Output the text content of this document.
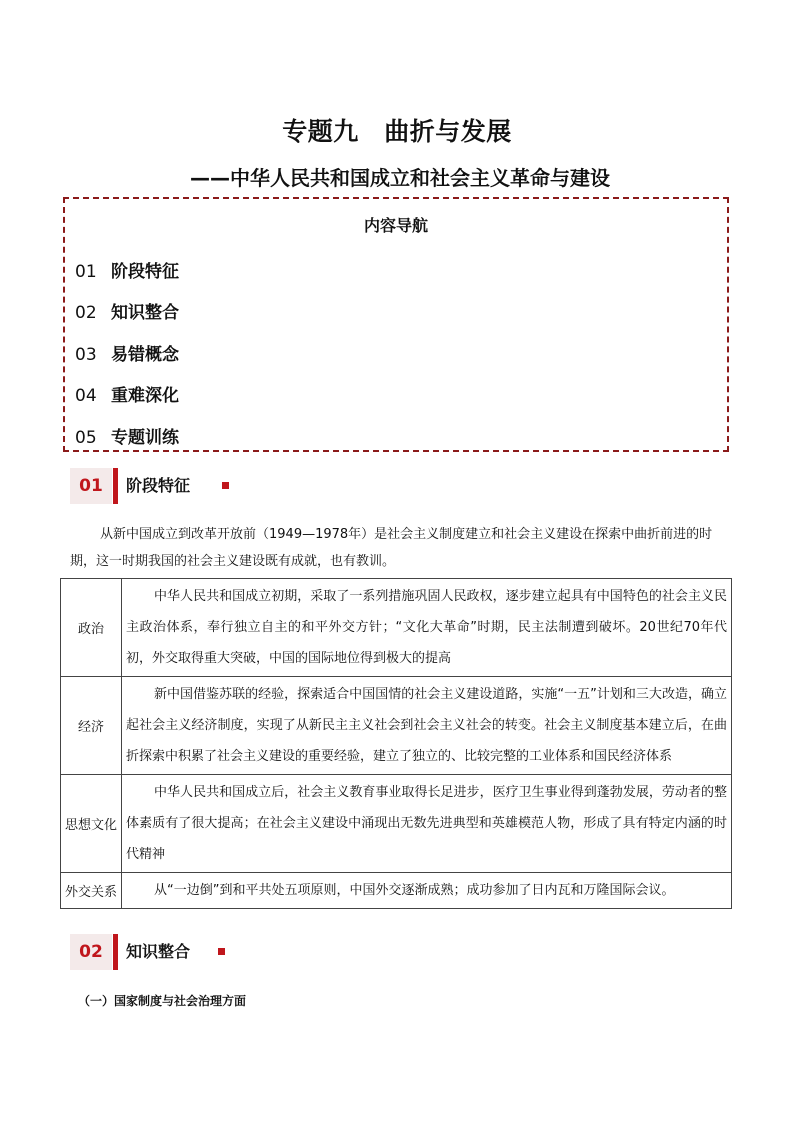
专题九　曲折与发展
——中华人民共和国成立和社会主义革命与建设
内容导航
01 阶段特征
02 知识整合
03 易错概念
04 重难深化
05 专题训练
01	阶段特征
从新中国成立到改革开放前（1949—1978年）是社会主义制度建立和社会主义建设在探索中曲折前进的时期，这一时期我国的社会主义建设既有成就，也有教训。
政治	中华人民共和国成立初期，采取了一系列措施巩固人民政权，逐步建立起具有中国特色的社会主义民主政治体系，奉行独立自主的和平外交方针；“文化大革命”时期，民主法制遭到破坏。20世纪70年代初，外交取得重大突破，中国的国际地位得到极大的提高
经济	新中国借鉴苏联的经验，探索适合中国国情的社会主义建设道路，实施“一五”计划和三大改造，确立起社会主义经济制度，实现了从新民主主义社会到社会主义社会的转变。社会主义制度基本建立后，在曲折探索中积累了社会主义建设的重要经验，建立了独立的、比较完整的工业体系和国民经济体系
思想文化	中华人民共和国成立后，社会主义教育事业取得长足进步，医疗卫生事业得到蓬勃发展，劳动者的整体素质有了很大提高；在社会主义建设中涌现出无数先进典型和英雄模范人物，形成了具有特定内涵的时代精神
外交关系	从“一边倒”到和平共处五项原则，中国外交逐渐成熟；成功参加了日内瓦和万隆国际会议。
02	知识整合
（一）国家制度与社会治理方面
